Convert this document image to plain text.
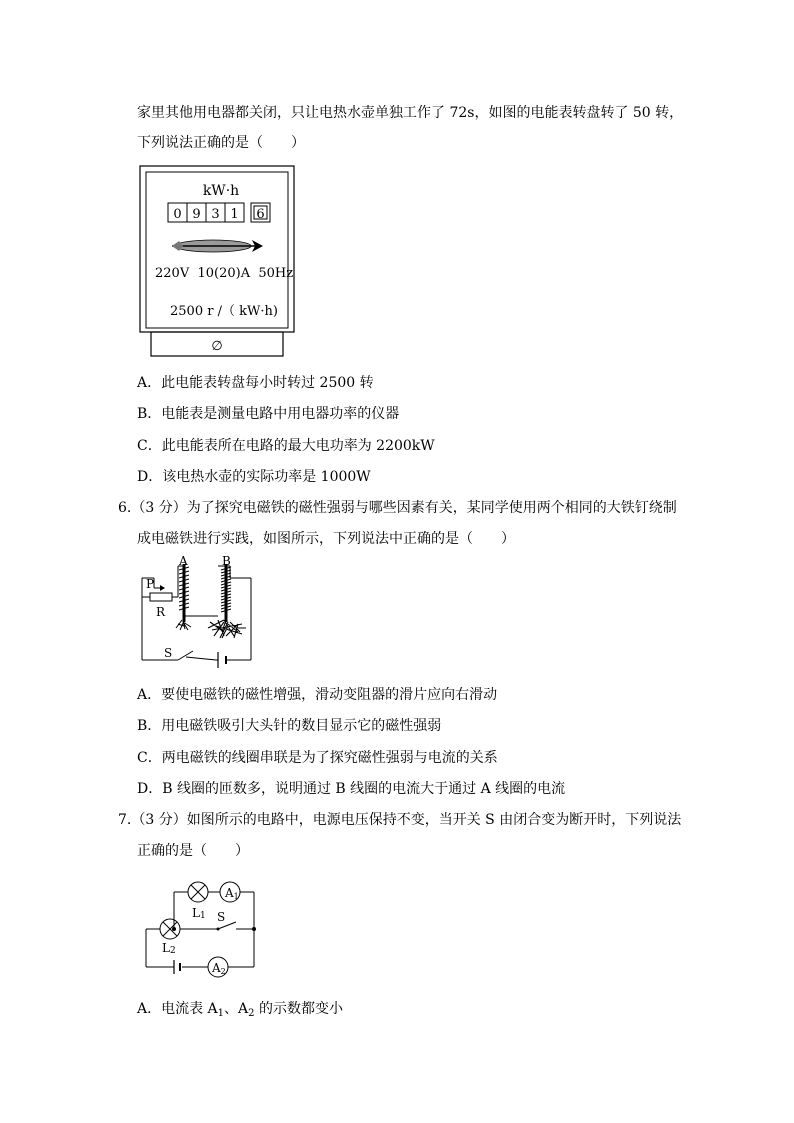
家里其他用电器都关闭，只让电热水壶单独工作了 72s，如图的电能表转盘转了 50 转，
下列说法正确的是（　　）
kW·h
0 9 3 1 6
220V  10(20)A  50Hz
2500 r /（ kW·h)
∅
A．此电能表转盘每小时转过 2500 转
B．电能表是测量电路中用电器功率的仪器
C．此电能表所在电路的最大电功率为 2200kW
D．该电热水壶的实际功率是 1000W
6.（3 分）为了探究电磁铁的磁性强弱与哪些因素有关，某同学使用两个相同的大铁钉绕制
成电磁铁进行实践，如图所示，下列说法中正确的是（　　）
A	B
P
R
S
A．要使电磁铁的磁性增强，滑动变阻器的滑片应向右滑动
B．用电磁铁吸引大头针的数目显示它的磁性强弱
C．两电磁铁的线圈串联是为了探究磁性强弱与电流的关系
D．B 线圈的匝数多，说明通过 B 线圈的电流大于通过 A 线圈的电流
7.（3 分）如图所示的电路中，电源电压保持不变，当开关 S 由闭合变为断开时，下列说法
正确的是（　　）
A1
A2
L1
L2
S
A．电流表 $A_1$、$A_2$ 的示数都变小
